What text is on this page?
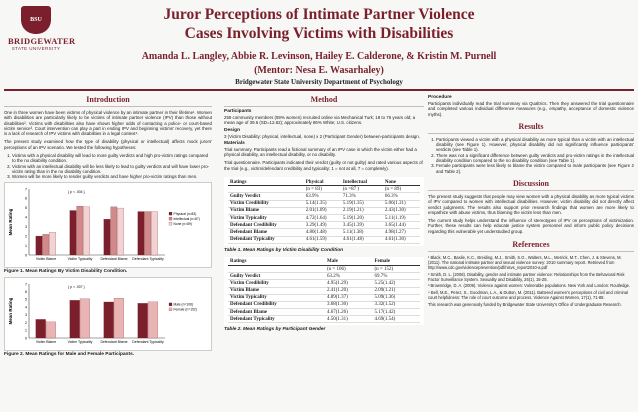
BSU
BRIDGEWATER
STATE UNIVERSITY
Juror Perceptions of Intimate Partner Violence
Cases Involving Victims with Disabilities
Amanda L. Langley, Abbie R. Levinson, Hailey E. Calderone, & Kristin M. Purnell
(Mentor: Nesa E. Wasarhaley)
Bridgewater State University Department of Psychology
Introduction

One in three women have been victims of physical violence by an intimate partner in their lifetime¹. Women with disabilities are particularly likely to be victims of intimate partner violence (IPV) than those without disabilities². Victims with disabilities also have shown higher odds of contacting a police- or court-based victim service³. Court intervention can play a part in ending IPV and beginning victims' recovery, yet there is a lack of research of IPV victims with disabilities in a legal context⁴.

The present study examined how the type of disability (physical or intellectual) affects mock jurors' perceptions of an IPV scenario. We tested the following hypotheses:

1. Victims with a physical disability will lead to more guilty verdicts and high pro-victim ratings compared to the no disability condition.
2. Victims with an intellectual disability will be less likely to lead to guilty verdicts and will have lower pro-victim rating than in the no disability condition.
3. Women will be more likely to render guilty verdicts and have higher pro-victim ratings than men.
0
1
2
3
4
5
6
7
Mean Rating
Victim Blame	Victim Typicality Defendant Blame Defendant Typicality
Physical (n=83)
Intellectual (n=87)
None (n=89)
{ p < .004 }
Figure 1. Mean Ratings By Victim Disability Condition.
0
1
2
3
4
5
6
7
Mean Rating
Victim Blame	Victim Typicality Defendant Blame Defendant Typicality
Male (n=106)
Female (n=152)
{ p < .007 }
Figure 2. Mean Ratings for Male and Female Participants.
Method
Participants

259 community members (59% women) recruited online via Mechanical Turk; 18 to 76 years old; a mean age of 39.6 (SD=12.82); approximately 86% White; U.S. citizens.

Design

3 (Victim Disability: physical, intellectual, none) x 2 (Participant Gender) between-participants design.

Materials

Trial summary. Participants read a fictional summary of an IPV case in which the victim either had a physical disability, an intellectual disability, or no disability.

Trial questionnaire. Participants indicated their verdict (guilty or not guilty) and rated various aspects of the trial (e.g., victim/defendant credibility and typicality; 1 = not at all, 7 = completely).

Ratings	Physical	Intellectual	None
	(n = 83)	(n =87 )	(n = 89)
Guilty Verdict	63.9%	71.3%	66.3%
Victim Credibility	5.14(1.35)	5.19(1.35)	5.06(1.31)
Victim Blame	2.01(1.09)	2.19(1.21)	2.43(1.30)
Victim Typicality	4.72(1.64)	5.19(1.20)	5.11(1.19)
Defendant Credibility	3.29(1.49)	3.45(1.39)	3.65(1.44)
Defendant Blame	4.80(1.48)	5.11(1.38)	4.98(1.27)
Defendant Typicality	4.61(1.59)	4.61(1.48)	4.61(1.30)
Table 1. Mean Ratings by Victim Disability Condition
Ratings	Male	Female
	(n = 106)	(n = 152)
Guilty Verdict	63.2%	69.7%
Victim Credibility	4.95(1.29)	5.25(1.42)
Victim Blame	2.41(1.20)	2.09(1.21)
Victim Typicality	4.89(1.37)	5.09(1.36)
Defendant Credibility	3.68(1.30)	3.32(1.52)
Defendant Blame	4.67(1.26)	5.17(1.42)
Defendant Typicality	4.50(1.31)	4.69(1.54)
Table 2. Mean Ratings by Participant Gender
Procedure

Participants individually read the trial summary via Qualtrics. Then they answered the trial questionnaire and completed various individual difference measures (e.g., empathy, acceptance of domestic violence myths).

Results
1. Participants viewed a victim with a physical disability as more typical than a victim with an intellectual disability (see Figure 1). However, physical disability did not significantly influence participants' verdicts (see Table 1).
2. There was not a significant difference between guilty verdicts and pro-victim ratings in the intellectual disability condition compared to the no disability condition (see Table 1).
3. Female participants were less likely to blame the victim compared to male participants (see Figure 2 and Table 2).
Discussion

The present study suggests that people may view women with a physical disability as more typical victims of IPV compared to women with intellectual disabilities. However, victim disability did not directly affect verdict judgments. The results also support prior research findings that women are more likely to empathize with abuse victims, thus blaming the victim less than men.

The current study helps understand the influence of stereotypes of IPV on perceptions of victimization. Further, these results can help educate justice system personnel and inform public policy decisions regarding this vulnerable yet understudied group.

References

¹ Black, M.C., Basile, K.C., Breiding, M.J., Smith, S.G., Walters, M.L., Merrick, M.T., Chen, J. & Stevens, M. (2011). The national intimate partner and sexual violence survey: 2010 summary report. Retrieved from http://www.cdc.gov/violenceprevention/pdf/nisvs_report2010-a.pdf

² Smith, D. L. (2008). Disability, gender and intimate partner violence: Relationships from the Behavioral Risk Factor Surveillance System. Sexuality and Disability, 26(1), 15-28.

³ Brownridge, D. A. (2009). Violence against women: Vulnerable populations. New York and London: Routledge.

⁴ Bell, M.E., Perez, S., Goodman, L.A., & Dutton, M. (2011). Battered women's perceptions of civil and criminal court helpfulness: The role of court outcome and process. Violence Against Women, 17(1), 71-88.

This research was generously funded by Bridgewater State University's Office of Undergraduate Research.
